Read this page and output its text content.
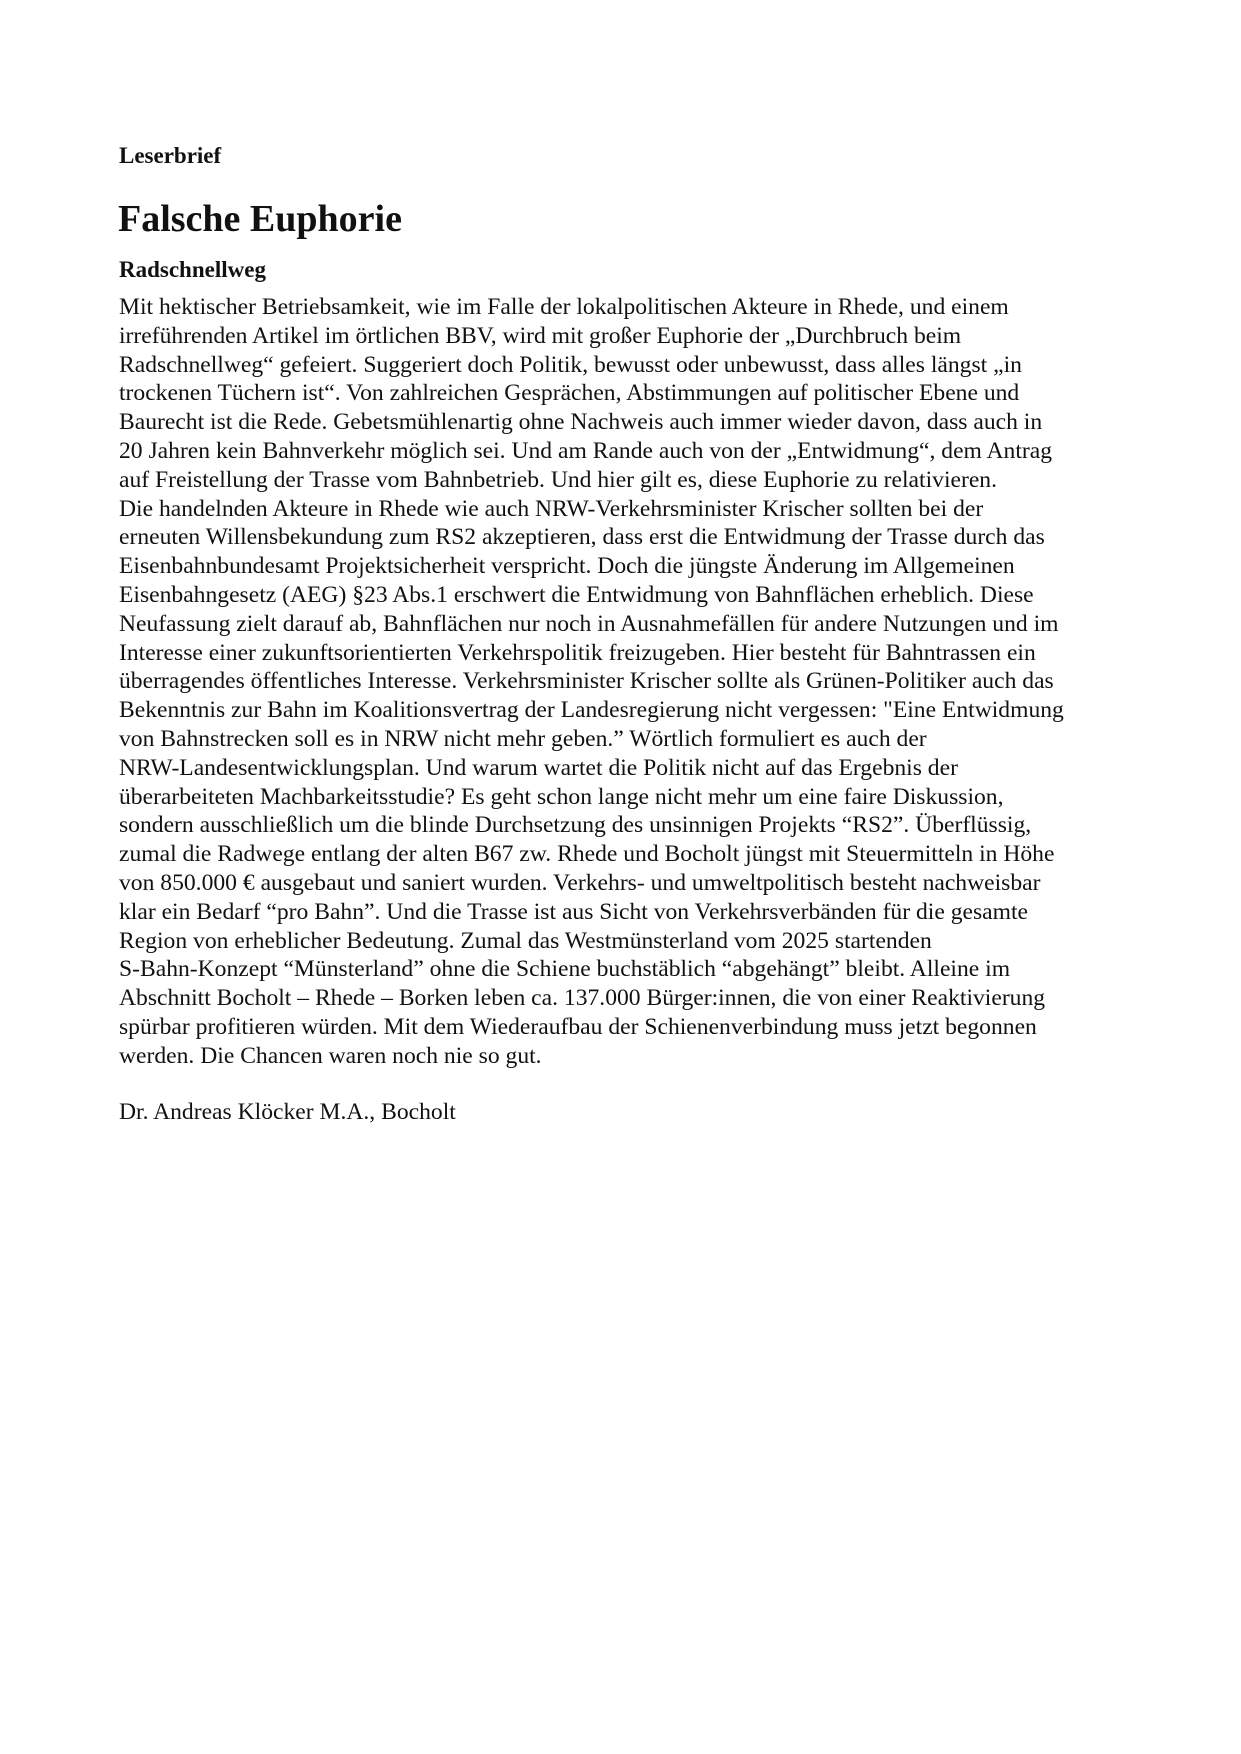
Leserbrief

Falsche Euphorie
Radschnellweg
Mit hektischer Betriebsamkeit, wie im Falle der lokalpolitischen Akteure in Rhede, und einem
irreführenden Artikel im örtlichen BBV, wird mit großer Euphorie der „Durchbruch beim
Radschnellweg“ gefeiert. Suggeriert doch Politik, bewusst oder unbewusst, dass alles längst „in
trockenen Tüchern ist“. Von zahlreichen Gesprächen, Abstimmungen auf politischer Ebene und
Baurecht ist die Rede. Gebetsmühlenartig ohne Nachweis auch immer wieder davon, dass auch in
20 Jahren kein Bahnverkehr möglich sei. Und am Rande auch von der „Entwidmung“, dem Antrag
auf Freistellung der Trasse vom Bahnbetrieb. Und hier gilt es, diese Euphorie zu relativieren.
Die handelnden Akteure in Rhede wie auch NRW-Verkehrsminister Krischer sollten bei der
erneuten Willensbekundung zum RS2 akzeptieren, dass erst die Entwidmung der Trasse durch das
Eisenbahnbundesamt Projektsicherheit verspricht. Doch die jüngste Änderung im Allgemeinen
Eisenbahngesetz (AEG) §23 Abs.1 erschwert die Entwidmung von Bahnflächen erheblich. Diese
Neufassung zielt darauf ab, Bahnflächen nur noch in Ausnahmefällen für andere Nutzungen und im
Interesse einer zukunftsorientierten Verkehrspolitik freizugeben. Hier besteht für Bahntrassen ein
überragendes öffentliches Interesse. Verkehrsminister Krischer sollte als Grünen-Politiker auch das
Bekenntnis zur Bahn im Koalitionsvertrag der Landesregierung nicht vergessen: "Eine Entwidmung
von Bahnstrecken soll es in NRW nicht mehr geben.” Wörtlich formuliert es auch der
NRW-Landesentwicklungsplan. Und warum wartet die Politik nicht auf das Ergebnis der
überarbeiteten Machbarkeitsstudie? Es geht schon lange nicht mehr um eine faire Diskussion,
sondern ausschließlich um die blinde Durchsetzung des unsinnigen Projekts “RS2”. Überflüssig,
zumal die Radwege entlang der alten B67 zw. Rhede und Bocholt jüngst mit Steuermitteln in Höhe
von 850.000 € ausgebaut und saniert wurden. Verkehrs- und umweltpolitisch besteht nachweisbar
klar ein Bedarf “pro Bahn”. Und die Trasse ist aus Sicht von Verkehrsverbänden für die gesamte
Region von erheblicher Bedeutung. Zumal das Westmünsterland vom 2025 startenden
S-Bahn-Konzept “Münsterland” ohne die Schiene buchstäblich “abgehängt” bleibt. Alleine im
Abschnitt Bocholt – Rhede – Borken leben ca. 137.000 Bürger:innen, die von einer Reaktivierung
spürbar profitieren würden. Mit dem Wiederaufbau der Schienenverbindung muss jetzt begonnen
werden. Die Chancen waren noch nie so gut.

Dr. Andreas Klöcker M.A., Bocholt
